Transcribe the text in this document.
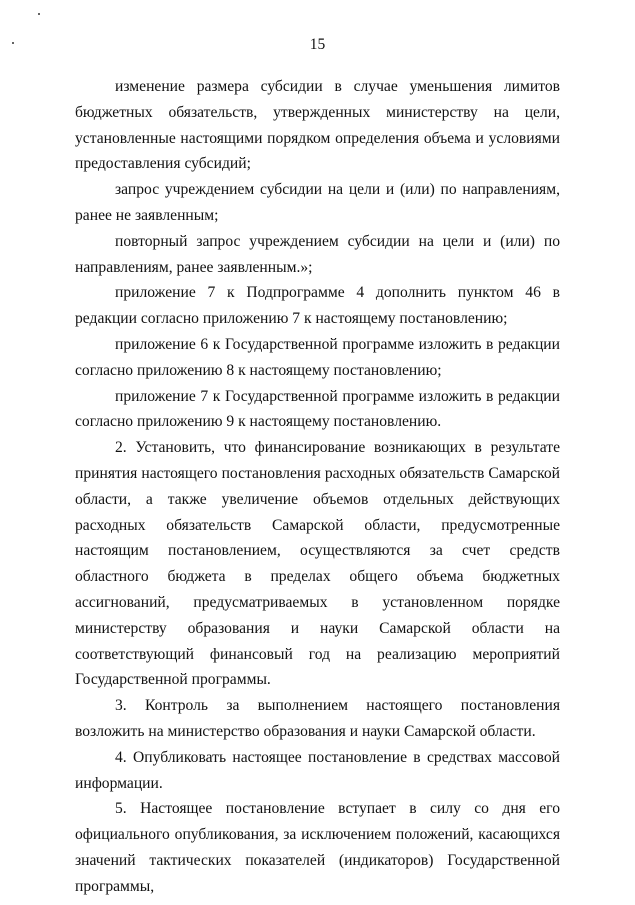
15

изменение размера субсидии в случае уменьшения лимитов бюджетных обязательств, утвержденных министерству на цели, установленные настоящими порядком определения объема и условиями предоставления субсидий;

запрос учреждением субсидии на цели и (или) по направлениям, ранее не заявленным;

повторный запрос учреждением субсидии на цели и (или) по направлениям, ранее заявленным.»;

приложение 7 к Подпрограмме 4 дополнить пунктом 46 в редакции согласно приложению 7 к настоящему постановлению;

приложение 6 к Государственной программе изложить в редакции согласно приложению 8 к настоящему постановлению;

приложение 7 к Государственной программе изложить в редакции согласно приложению 9 к настоящему постановлению.

2. Установить, что финансирование возникающих в результате принятия настоящего постановления расходных обязательств Самарской области, а также увеличение объемов отдельных действующих расходных обязательств Самарской области, предусмотренные настоящим постановлением, осуществляются за счет средств областного бюджета в пределах общего объема бюджетных ассигнований, предусматриваемых в установленном порядке министерству образования и науки Самарской области на соответствующий финансовый год на реализацию мероприятий Государственной программы.

3. Контроль за выполнением настоящего постановления возложить на министерство образования и науки Самарской области.

4. Опубликовать настоящее постановление в средствах массовой информации.

5. Настоящее постановление вступает в силу со дня его официального опубликования, за исключением положений, касающихся значений тактических показателей (индикаторов) Государственной программы,
